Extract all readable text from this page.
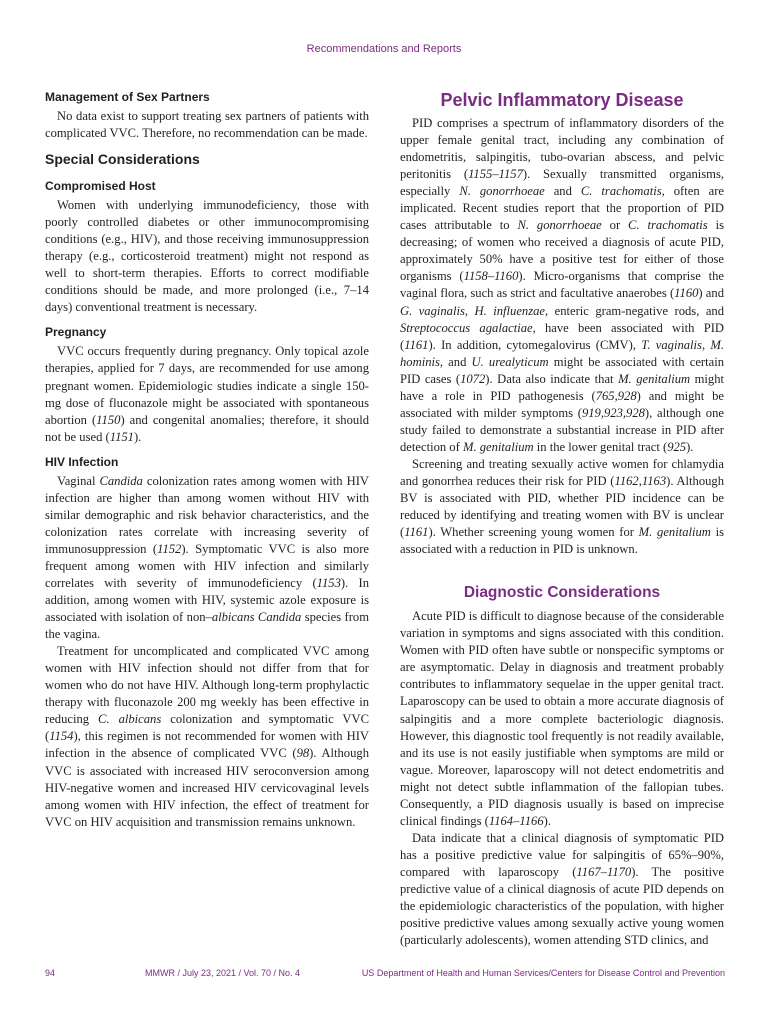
Recommendations and Reports
Management of Sex Partners

No data exist to support treating sex partners of patients with complicated VVC. Therefore, no recommendation can be made.

Special Considerations
Compromised Host

Women with underlying immunodeficiency, those with poorly controlled diabetes or other immunocompromising conditions (e.g., HIV), and those receiving immunosuppression therapy (e.g., corticosteroid treatment) might not respond as well to short-term therapies. Efforts to correct modifiable conditions should be made, and more prolonged (i.e., 7–14 days) conventional treatment is necessary.

Pregnancy

VVC occurs frequently during pregnancy. Only topical azole therapies, applied for 7 days, are recommended for use among pregnant women. Epidemiologic studies indicate a single 150-mg dose of fluconazole might be associated with spontaneous abortion (1150) and congenital anomalies; therefore, it should not be used (1151).

HIV Infection

Vaginal Candida colonization rates among women with HIV infection are higher than among women without HIV with similar demographic and risk behavior characteristics, and the colonization rates correlate with increasing severity of immunosuppression (1152). Symptomatic VVC is also more frequent among women with HIV infection and similarly correlates with severity of immunodeficiency (1153). In addition, among women with HIV, systemic azole exposure is associated with isolation of non–albicans Candida species from the vagina.

Treatment for uncomplicated and complicated VVC among women with HIV infection should not differ from that for women who do not have HIV. Although long-term prophylactic therapy with fluconazole 200 mg weekly has been effective in reducing C. albicans colonization and symptomatic VVC (1154), this regimen is not recommended for women with HIV infection in the absence of complicated VVC (98). Although VVC is associated with increased HIV seroconversion among HIV-negative women and increased HIV cervicovaginal levels among women with HIV infection, the effect of treatment for VVC on HIV acquisition and transmission remains unknown.

Pelvic Inflammatory Disease

PID comprises a spectrum of inflammatory disorders of the upper female genital tract, including any combination of endometritis, salpingitis, tubo-ovarian abscess, and pelvic peritonitis (1155–1157). Sexually transmitted organisms, especially N. gonorrhoeae and C. trachomatis, often are implicated. Recent studies report that the proportion of PID cases attributable to N. gonorrhoeae or C. trachomatis is decreasing; of women who received a diagnosis of acute PID, approximately 50% have a positive test for either of those organisms (1158–1160). Micro-organisms that comprise the vaginal flora, such as strict and facultative anaerobes (1160) and G. vaginalis, H. influenzae, enteric gram-negative rods, and Streptococcus agalactiae, have been associated with PID (1161). In addition, cytomegalovirus (CMV), T. vaginalis, M. hominis, and U. urealyticum might be associated with certain PID cases (1072). Data also indicate that M. genitalium might have a role in PID pathogenesis (765,928) and might be associated with milder symptoms (919,923,928), although one study failed to demonstrate a substantial increase in PID after detection of M. genitalium in the lower genital tract (925).

Screening and treating sexually active women for chlamydia and gonorrhea reduces their risk for PID (1162,1163). Although BV is associated with PID, whether PID incidence can be reduced by identifying and treating women with BV is unclear (1161). Whether screening young women for M. genitalium is associated with a reduction in PID is unknown.

Diagnostic Considerations

Acute PID is difficult to diagnose because of the considerable variation in symptoms and signs associated with this condition. Women with PID often have subtle or nonspecific symptoms or are asymptomatic. Delay in diagnosis and treatment probably contributes to inflammatory sequelae in the upper genital tract. Laparoscopy can be used to obtain a more accurate diagnosis of salpingitis and a more complete bacteriologic diagnosis. However, this diagnostic tool frequently is not readily available, and its use is not easily justifiable when symptoms are mild or vague. Moreover, laparoscopy will not detect endometritis and might not detect subtle inflammation of the fallopian tubes. Consequently, a PID diagnosis usually is based on imprecise clinical findings (1164–1166).

Data indicate that a clinical diagnosis of symptomatic PID has a positive predictive value for salpingitis of 65%–90%, compared with laparoscopy (1167–1170). The positive predictive value of a clinical diagnosis of acute PID depends on the epidemiologic characteristics of the population, with higher positive predictive values among sexually active young women (particularly adolescents), women attending STD clinics, and

94	MMWR / July 23, 2021 / Vol. 70 / No. 4	US Department of Health and Human Services/Centers for Disease Control and Prevention
